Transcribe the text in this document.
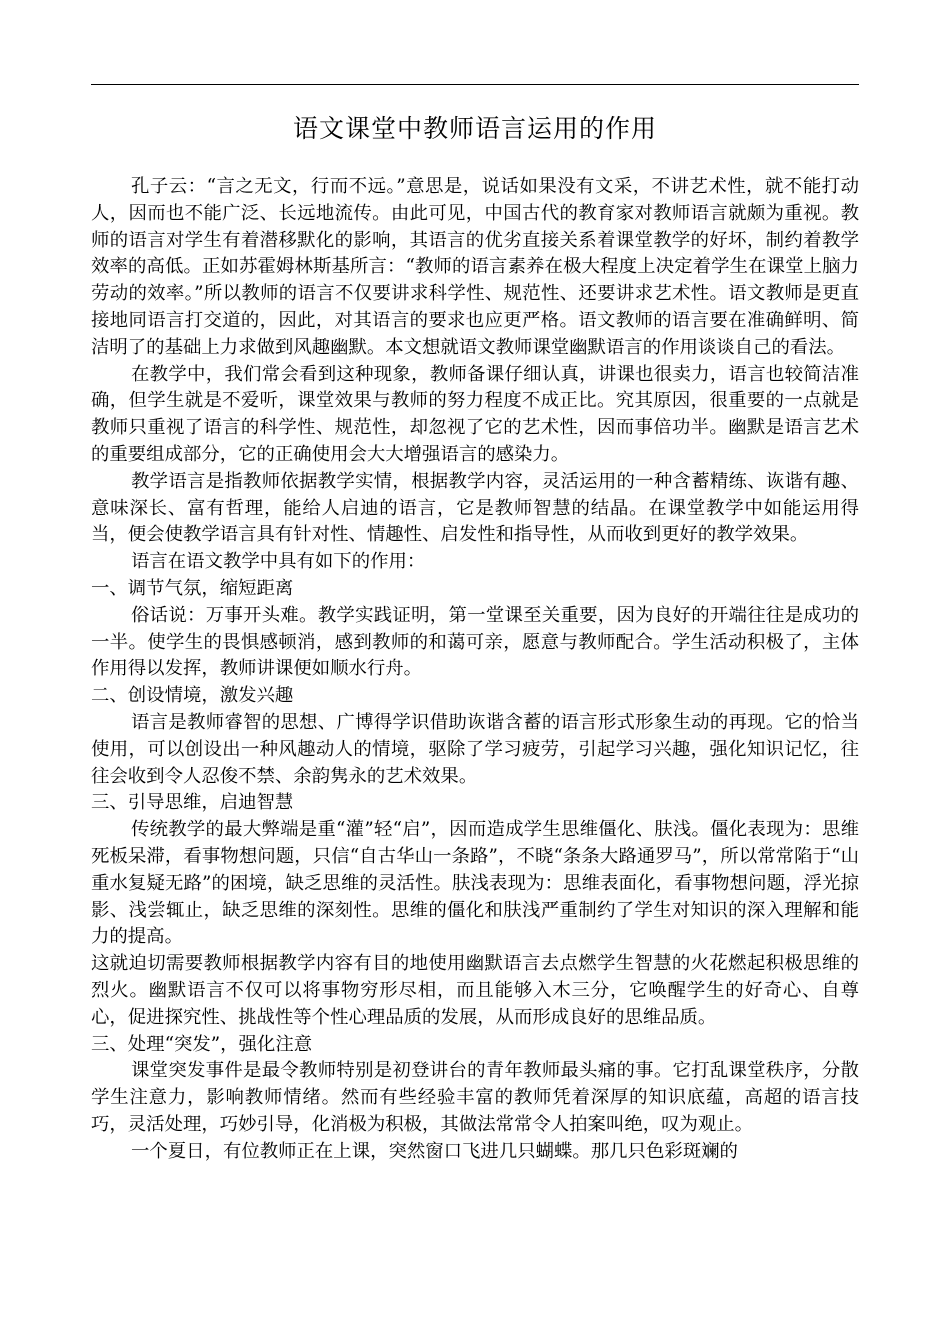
语文课堂中教师语言运用的作用
孔子云：“言之无文，行而不远。”意思是，说话如果没有文采，不讲艺术性，就不能打动人，因而也不能广泛、长远地流传。由此可见，中国古代的教育家对教师语言就颇为重视。教师的语言对学生有着潜移默化的影响，其语言的优劣直接关系着课堂教学的好坏，制约着教学效率的高低。正如苏霍姆林斯基所言：“教师的语言素养在极大程度上决定着学生在课堂上脑力劳动的效率。”所以教师的语言不仅要讲求科学性、规范性、还要讲求艺术性。语文教师是更直接地同语言打交道的，因此，对其语言的要求也应更严格。语文教师的语言要在准确鲜明、简洁明了的基础上力求做到风趣幽默。本文想就语文教师课堂幽默语言的作用谈谈自己的看法。
在教学中，我们常会看到这种现象，教师备课仔细认真，讲课也很卖力，语言也较简洁准确，但学生就是不爱听，课堂效果与教师的努力程度不成正比。究其原因，很重要的一点就是教师只重视了语言的科学性、规范性，却忽视了它的艺术性，因而事倍功半。幽默是语言艺术的重要组成部分，它的正确使用会大大增强语言的感染力。
教学语言是指教师依据教学实情，根据教学内容，灵活运用的一种含蓄精练、诙谐有趣、意味深长、富有哲理，能给人启迪的语言，它是教师智慧的结晶。在课堂教学中如能运用得当，便会使教学语言具有针对性、情趣性、启发性和指导性，从而收到更好的教学效果。
语言在语文教学中具有如下的作用：
一、调节气氛，缩短距离
俗话说：万事开头难。教学实践证明，第一堂课至关重要，因为良好的开端往往是成功的一半。使学生的畏惧感顿消，感到教师的和蔼可亲，愿意与教师配合。学生活动积极了，主体作用得以发挥，教师讲课便如顺水行舟。
二、创设情境，激发兴趣
语言是教师睿智的思想、广博得学识借助诙谐含蓄的语言形式形象生动的再现。它的恰当使用，可以创设出一种风趣动人的情境，驱除了学习疲劳，引起学习兴趣，强化知识记忆，往往会收到令人忍俊不禁、余韵隽永的艺术效果。
三、引导思维，启迪智慧
传统教学的最大弊端是重“灌”轻“启”，因而造成学生思维僵化、肤浅。僵化表现为：思维死板呆滞，看事物想问题，只信“自古华山一条路”，不晓“条条大路通罗马”，所以常常陷于“山重水复疑无路”的困境，缺乏思维的灵活性。肤浅表现为：思维表面化，看事物想问题，浮光掠影、浅尝辄止，缺乏思维的深刻性。思维的僵化和肤浅严重制约了学生对知识的深入理解和能力的提高。
这就迫切需要教师根据教学内容有目的地使用幽默语言去点燃学生智慧的火花燃起积极思维的烈火。幽默语言不仅可以将事物穷形尽相，而且能够入木三分，它唤醒学生的好奇心、自尊心，促进探究性、挑战性等个性心理品质的发展，从而形成良好的思维品质。
三、处理“突发”，强化注意
课堂突发事件是最令教师特别是初登讲台的青年教师最头痛的事。它打乱课堂秩序，分散学生注意力，影响教师情绪。然而有些经验丰富的教师凭着深厚的知识底蕴，高超的语言技巧，灵活处理，巧妙引导，化消极为积极，其做法常常令人拍案叫绝，叹为观止。
一个夏日，有位教师正在上课，突然窗口飞进几只蝴蝶。那几只色彩斑斓的
